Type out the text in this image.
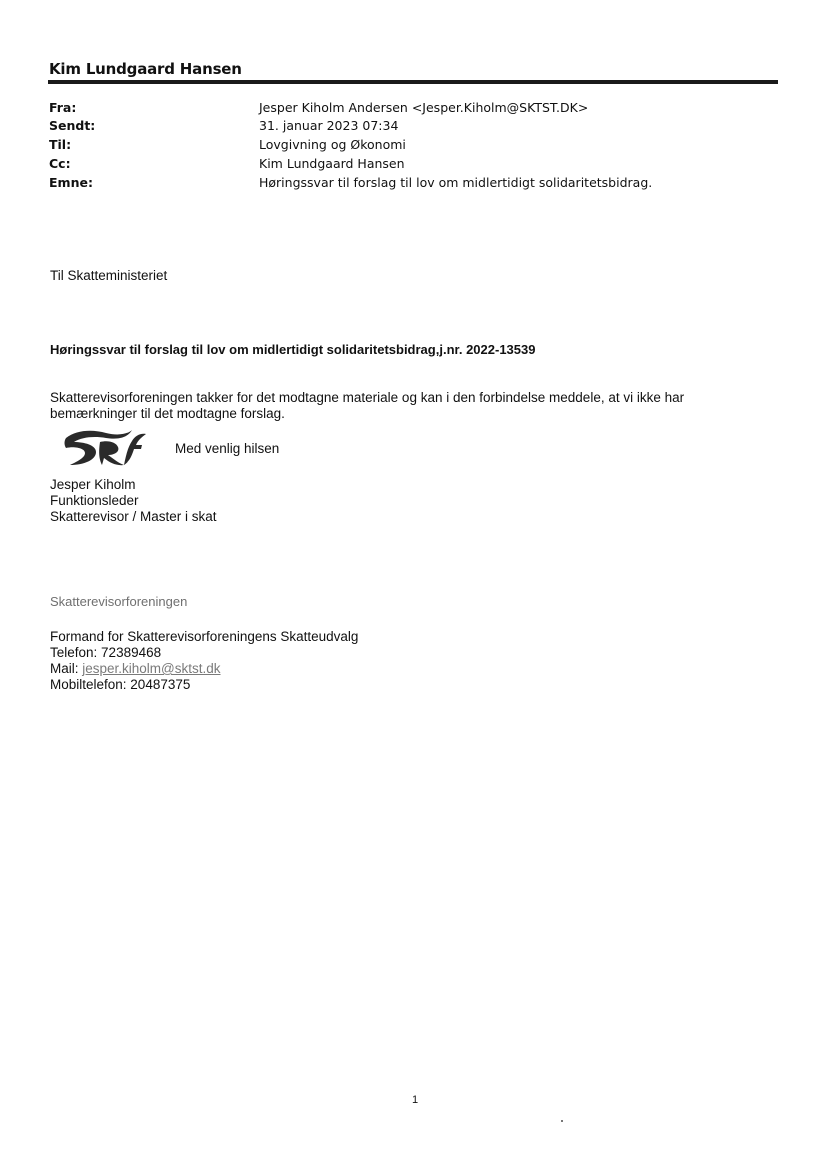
Kim Lundgaard Hansen
Fra:	Jesper Kiholm Andersen <Jesper.Kiholm@SKTST.DK>
Sendt:	31. januar 2023 07:34
Til:	Lovgivning og Økonomi
Cc:	Kim Lundgaard Hansen
Emne:	Høringssvar til forslag til lov om midlertidigt solidaritetsbidrag.
Til Skatteministeriet
Høringssvar til forslag til lov om midlertidigt solidaritetsbidrag,j.nr. 2022-13539
Skatterevisorforeningen takker for det modtagne materiale og kan i den forbindelse meddele, at vi ikke har
bemærkninger til det modtagne forslag.
Med venlig hilsen
Jesper Kiholm
Funktionsleder
Skatterevisor / Master i skat
Skatterevisorforeningen
Formand for Skatterevisorforeningens Skatteudvalg
Telefon: 72389468
Mail: jesper.kiholm@sktst.dk
Mobiltelefon: 20487375
1
